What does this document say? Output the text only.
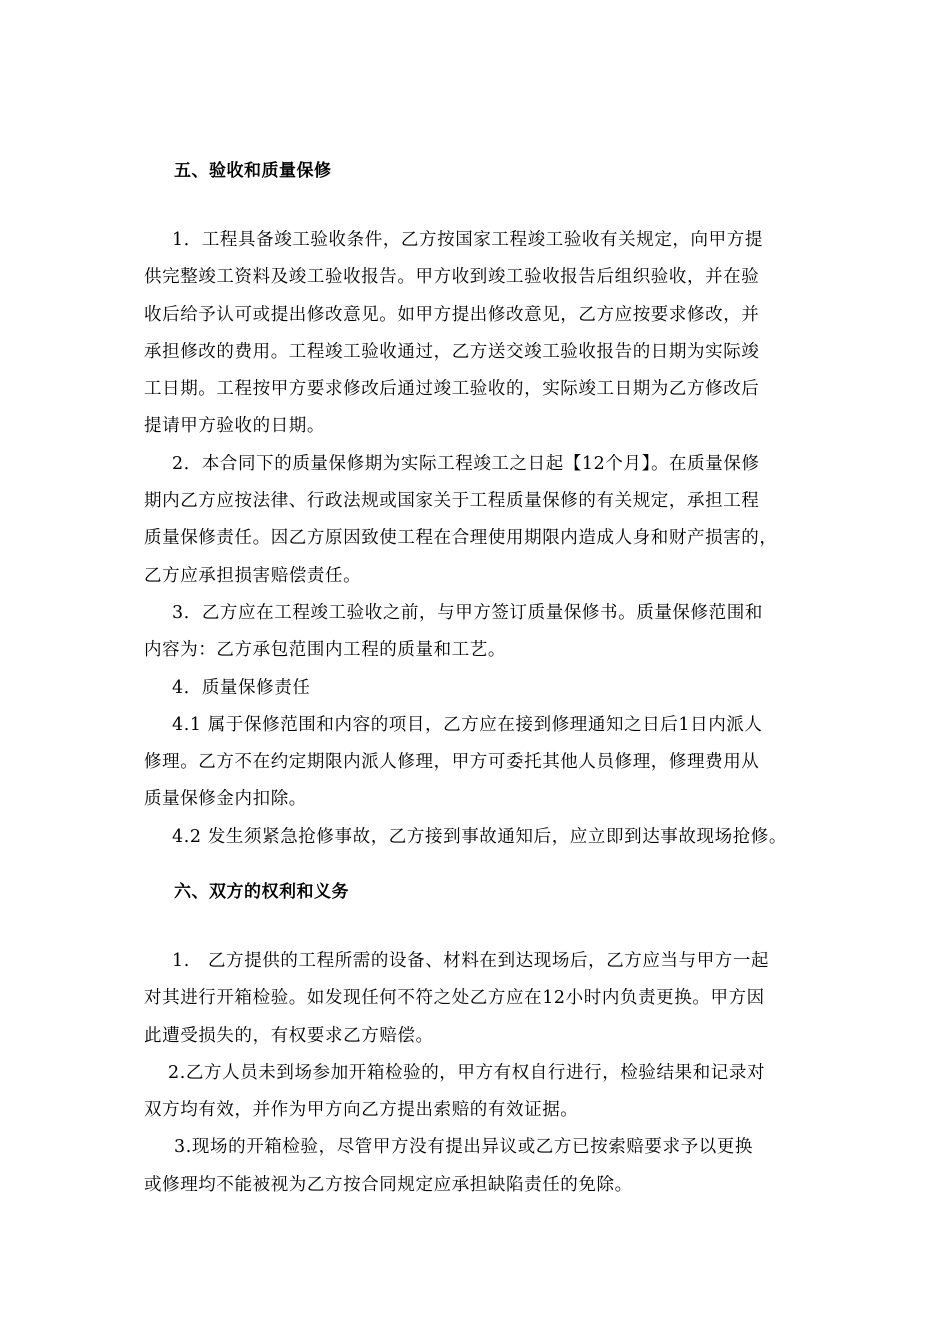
五、验收和质量保修
1．工程具备竣工验收条件，乙方按国家工程竣工验收有关规定，向甲方提
供完整竣工资料及竣工验收报告。甲方收到竣工验收报告后组织验收，并在验
收后给予认可或提出修改意见。如甲方提出修改意见，乙方应按要求修改，并
承担修改的费用。工程竣工验收通过，乙方送交竣工验收报告的日期为实际竣
工日期。工程按甲方要求修改后通过竣工验收的，实际竣工日期为乙方修改后
提请甲方验收的日期。
2．本合同下的质量保修期为实际工程竣工之日起【12个月】。在质量保修
期内乙方应按法律、行政法规或国家关于工程质量保修的有关规定，承担工程
质量保修责任。因乙方原因致使工程在合理使用期限内造成人身和财产损害的，
乙方应承担损害赔偿责任。
3．乙方应在工程竣工验收之前，与甲方签订质量保修书。质量保修范围和
内容为：乙方承包范围内工程的质量和工艺。
4．质量保修责任
4.1 属于保修范围和内容的项目，乙方应在接到修理通知之日后1日内派人
修理。乙方不在约定期限内派人修理，甲方可委托其他人员修理，修理费用从
质量保修金内扣除。
4.2 发生须紧急抢修事故，乙方接到事故通知后，应立即到达事故现场抢修。
六、双方的权利和义务
1.　乙方提供的工程所需的设备、材料在到达现场后，乙方应当与甲方一起
对其进行开箱检验。如发现任何不符之处乙方应在12小时内负责更换。甲方因
此遭受损失的，有权要求乙方赔偿。
2.乙方人员未到场参加开箱检验的，甲方有权自行进行，检验结果和记录对
双方均有效，并作为甲方向乙方提出索赔的有效证据。
3.现场的开箱检验，尽管甲方没有提出异议或乙方已按索赔要求予以更换
或修理均不能被视为乙方按合同规定应承担缺陷责任的免除。
